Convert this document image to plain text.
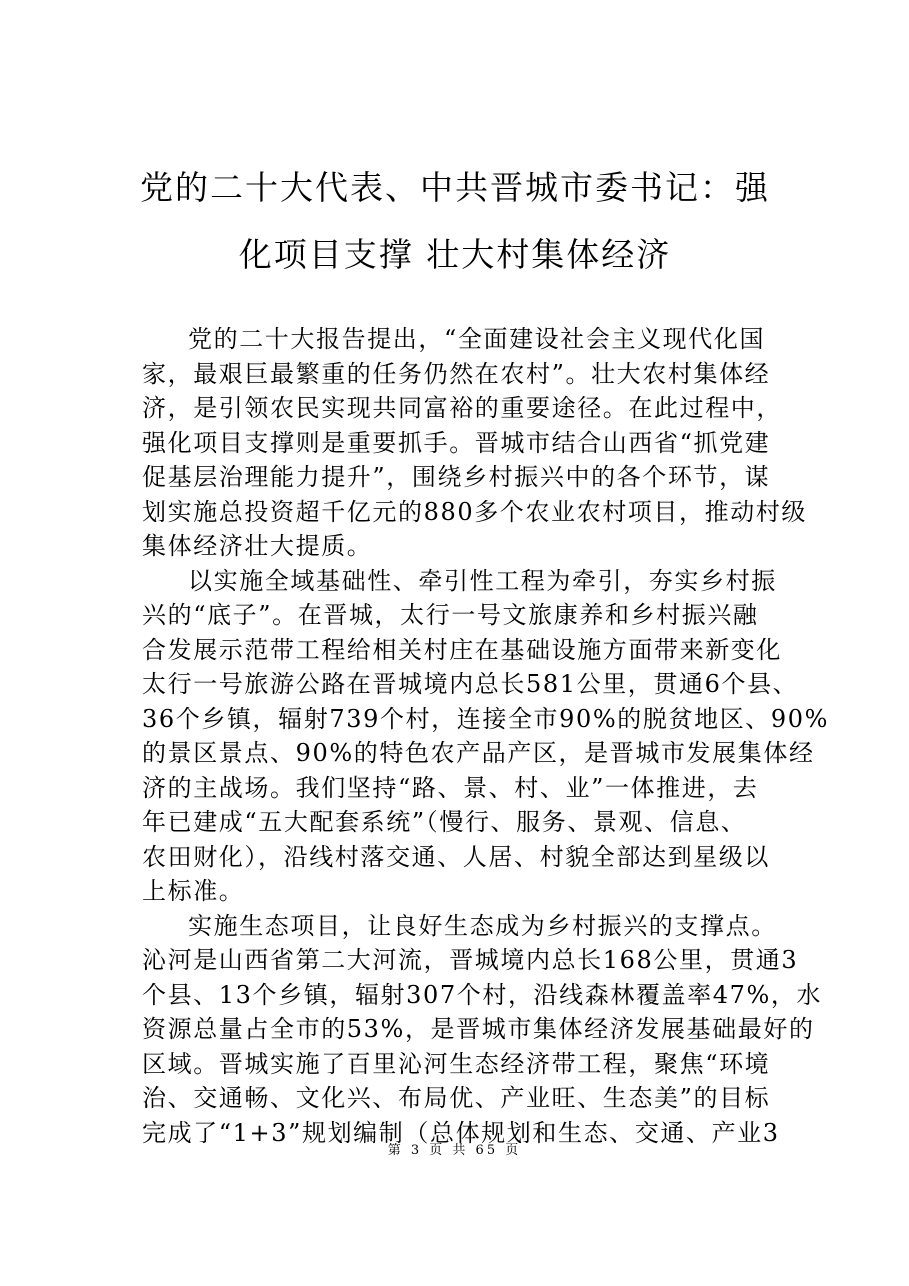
党的二十大代表、中共晋城市委书记：强
化项目支撑 壮大村集体经济
党的二十大报告提出，“全面建设社会主义现代化国
家，最艰巨最繁重的任务仍然在农村”。壮大农村集体经
济，是引领农民实现共同富裕的重要途径。在此过程中，
强化项目支撑则是重要抓手。晋城市结合山西省“抓党建
促基层治理能力提升”，围绕乡村振兴中的各个环节，谋
划实施总投资超千亿元的880多个农业农村项目，推动村级
集体经济壮大提质。
以实施全域基础性、牵引性工程为牵引，夯实乡村振
兴的“底子”。在晋城，太行一号文旅康养和乡村振兴融
合发展示范带工程给相关村庄在基础设施方面带来新变化
太行一号旅游公路在晋城境内总长581公里，贯通6个县、
36个乡镇，辐射739个村，连接全市90%的脱贫地区、90%
的景区景点、90%的特色农产品产区，是晋城市发展集体经
济的主战场。我们坚持“路、景、村、业”一体推进，去
年已建成“五大配套系统”（慢行、服务、景观、信息、
农田财化），沿线村落交通、人居、村貌全部达到星级以
上标准。
实施生态项目，让良好生态成为乡村振兴的支撑点。
沁河是山西省第二大河流，晋城境内总长168公里，贯通3
个县、13个乡镇，辐射307个村，沿线森林覆盖率47%，水
资源总量占全市的53%，是晋城市集体经济发展基础最好的
区域。晋城实施了百里沁河生态经济带工程，聚焦“环境
治、交通畅、文化兴、布局优、产业旺、生态美”的目标
完成了“1+3”规划编制（总体规划和生态、交通、产业3
第 3 页 共 65 页
